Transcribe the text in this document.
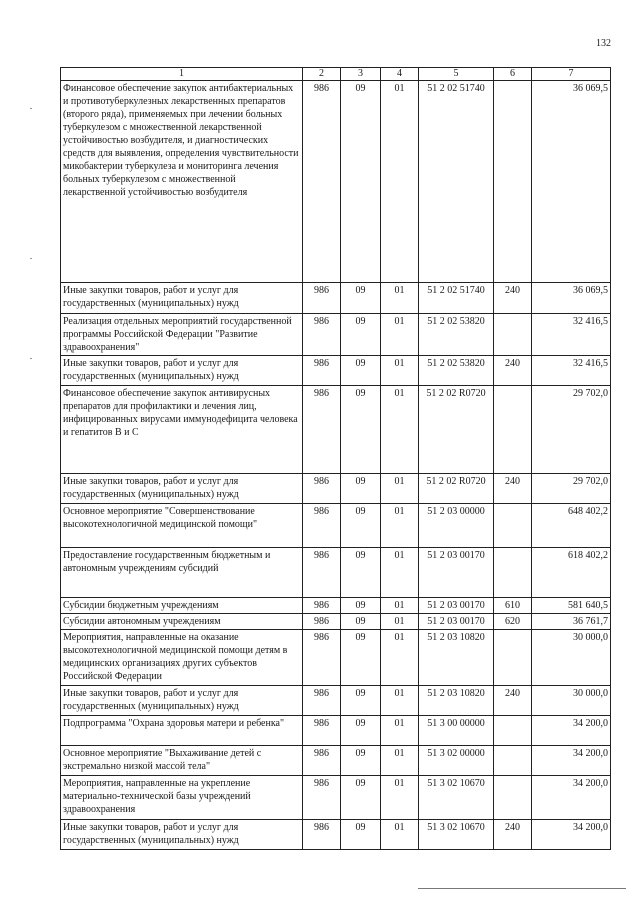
132
1	2	3	4	5	6	7
Финансовое обеспечение закупок антибактериальных и противотуберкулезных лекарственных препаратов (второго ряда), применяемых при лечении больных туберкулезом с множественной лекарственной устойчивостью возбудителя, и диагностических средств для выявления, определения чувствительности микобактерии туберкулеза и мониторинга лечения больных туберкулезом с множественной лекарственной устойчивостью возбудителя	986	09	01	51 2 02 51740		36 069,5
Иные закупки товаров, работ и услуг для государственных (муниципальных) нужд	986	09	01	51 2 02 51740	240	36 069,5
Реализация отдельных мероприятий государственной программы Российской Федерации "Развитие здравоохранения"	986	09	01	51 2 02 53820		32 416,5
Иные закупки товаров, работ и услуг для государственных (муниципальных) нужд	986	09	01	51 2 02 53820	240	32 416,5
Финансовое обеспечение закупок антивирусных препаратов для профилактики и лечения лиц, инфицированных вирусами иммунодефицита человека и гепатитов В и С	986	09	01	51 2 02 R0720		29 702,0
Иные закупки товаров, работ и услуг для государственных (муниципальных) нужд	986	09	01	51 2 02 R0720	240	29 702,0
Основное мероприятие "Совершенствование высокотехнологичной медицинской помощи"	986	09	01	51 2 03 00000		648 402,2
Предоставление государственным бюджетным и автономным учреждениям субсидий	986	09	01	51 2 03 00170		618 402,2
Субсидии бюджетным учреждениям	986	09	01	51 2 03 00170	610	581 640,5
Субсидии автономным учреждениям	986	09	01	51 2 03 00170	620	36 761,7
Мероприятия, направленные на оказание высокотехнологичной медицинской помощи детям в медицинских организациях других субъектов Российской Федерации	986	09	01	51 2 03 10820		30 000,0
Иные закупки товаров, работ и услуг для государственных (муниципальных) нужд	986	09	01	51 2 03 10820	240	30 000,0
Подпрограмма "Охрана здоровья матери и ребенка"	986	09	01	51 3 00 00000		34 200,0
Основное мероприятие "Выхаживание детей с экстремально низкой массой тела"	986	09	01	51 3 02 00000		34 200,0
Мероприятия, направленные на укрепление материально-технической базы учреждений здравоохранения	986	09	01	51 3 02 10670		34 200,0
Иные закупки товаров, работ и услуг для государственных (муниципальных) нужд	986	09	01	51 3 02 10670	240	34 200,0
